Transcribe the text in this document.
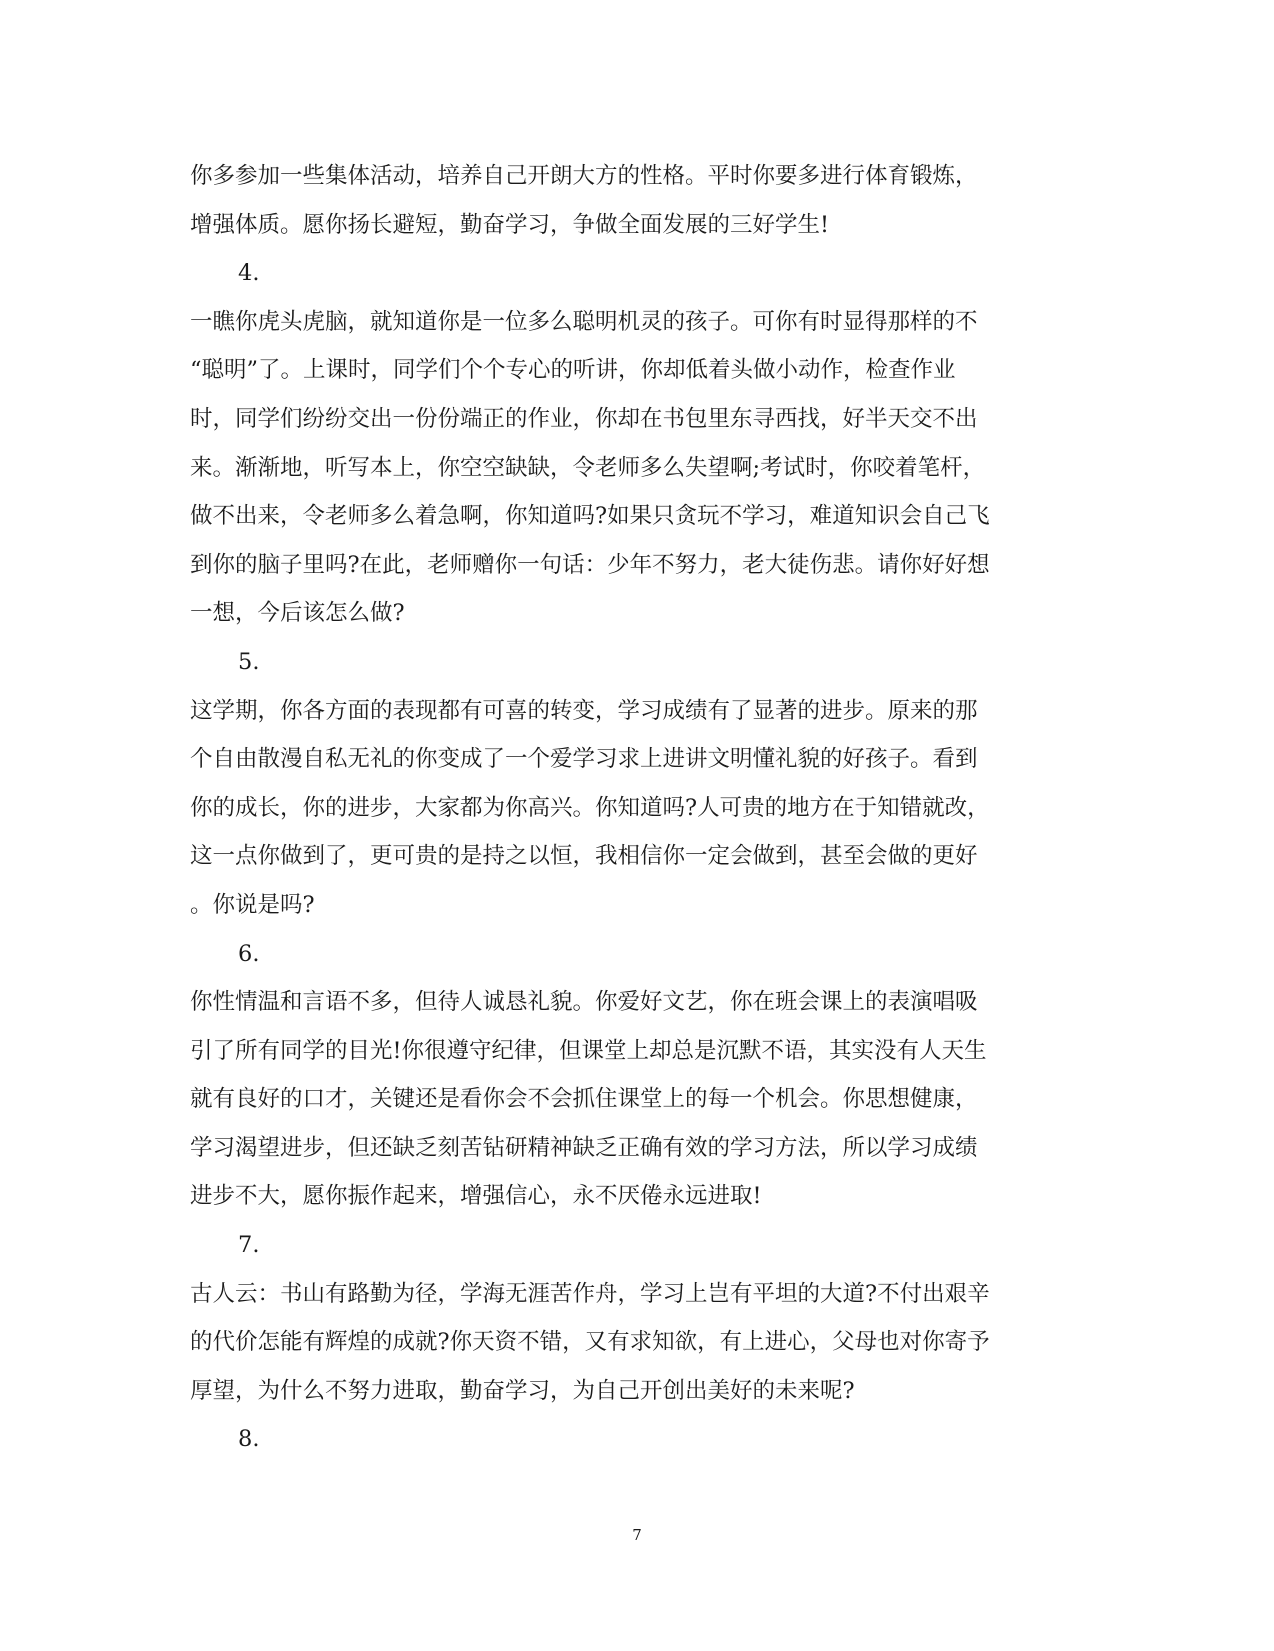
你多参加一些集体活动，培养自己开朗大方的性格。平时你要多进行体育锻炼，
增强体质。愿你扬长避短，勤奋学习，争做全面发展的三好学生!
4.
一瞧你虎头虎脑，就知道你是一位多么聪明机灵的孩子。可你有时显得那样的不
“聪明”了。上课时，同学们个个专心的听讲，你却低着头做小动作，检查作业
时，同学们纷纷交出一份份端正的作业，你却在书包里东寻西找，好半天交不出
来。渐渐地，听写本上，你空空缺缺，令老师多么失望啊;考试时，你咬着笔杆，
做不出来，令老师多么着急啊，你知道吗?如果只贪玩不学习，难道知识会自己飞
到你的脑子里吗?在此，老师赠你一句话：少年不努力，老大徒伤悲。请你好好想
一想，今后该怎么做?
5.
这学期，你各方面的表现都有可喜的转变，学习成绩有了显著的进步。原来的那
个自由散漫自私无礼的你变成了一个爱学习求上进讲文明懂礼貌的好孩子。看到
你的成长，你的进步，大家都为你高兴。你知道吗?人可贵的地方在于知错就改，
这一点你做到了，更可贵的是持之以恒，我相信你一定会做到，甚至会做的更好
。你说是吗?
6.
你性情温和言语不多，但待人诚恳礼貌。你爱好文艺，你在班会课上的表演唱吸
引了所有同学的目光!你很遵守纪律，但课堂上却总是沉默不语，其实没有人天生
就有良好的口才，关键还是看你会不会抓住课堂上的每一个机会。你思想健康，
学习渴望进步，但还缺乏刻苦钻研精神缺乏正确有效的学习方法，所以学习成绩
进步不大，愿你振作起来，增强信心，永不厌倦永远进取!
7.
古人云：书山有路勤为径，学海无涯苦作舟，学习上岂有平坦的大道?不付出艰辛
的代价怎能有辉煌的成就?你天资不错，又有求知欲，有上进心，父母也对你寄予
厚望，为什么不努力进取，勤奋学习，为自己开创出美好的未来呢?
8.
7
